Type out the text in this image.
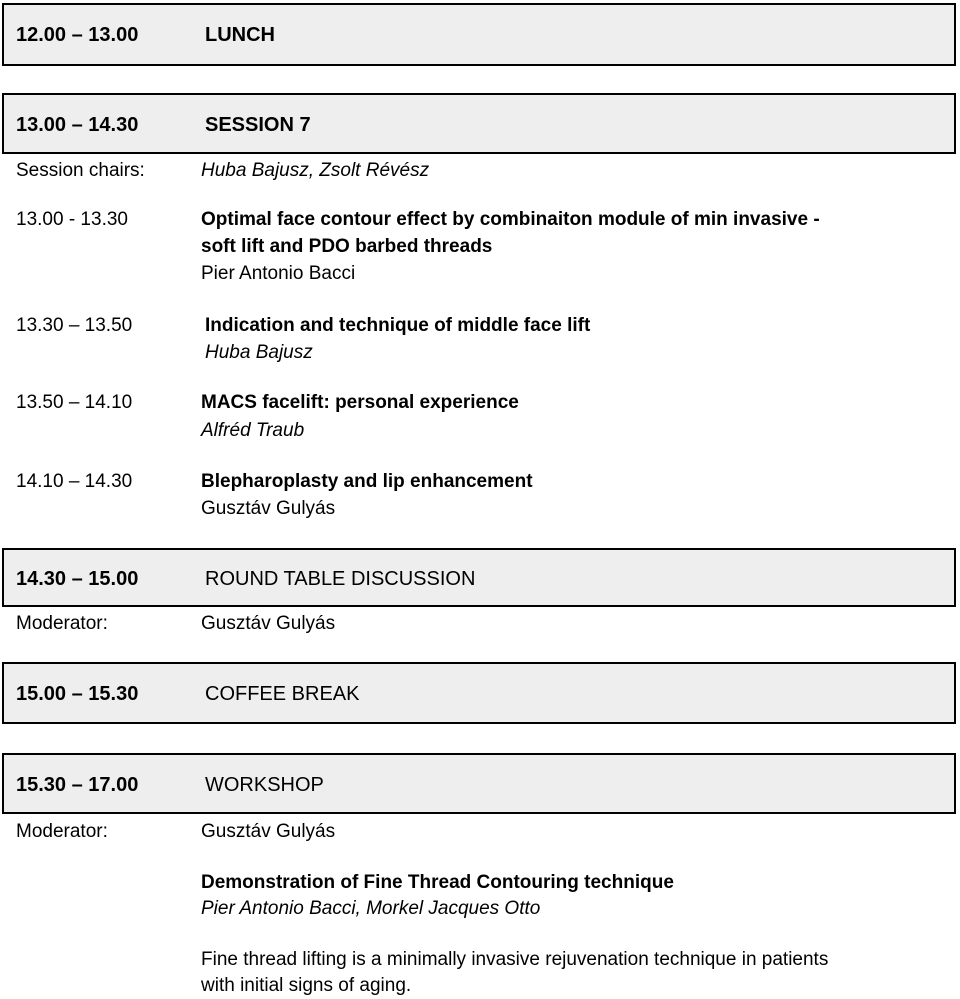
12.00 – 13.00	LUNCH
13.00 – 14.30	SESSION 7
Session chairs:	Huba Bajusz, Zsolt Révész
13.00 - 13.30	Optimal face contour effect by combinaiton module of min invasive -
soft lift and PDO barbed threads
Pier Antonio Bacci
13.30 – 13.50	Indication and technique of middle face lift
Huba Bajusz
13.50 – 14.10	MACS facelift: personal experience
Alfréd Traub
14.10 – 14.30	Blepharoplasty and lip enhancement
Gusztáv Gulyás
14.30 – 15.00	ROUND TABLE DISCUSSION
Moderator:	Gusztáv Gulyás
15.00 – 15.30	COFFEE BREAK
15.30 – 17.00	WORKSHOP
Moderator:	Gusztáv Gulyás
Demonstration of Fine Thread Contouring technique
Pier Antonio Bacci, Morkel Jacques Otto
Fine thread lifting is a minimally invasive rejuvenation technique in patients
with initial signs of aging.
